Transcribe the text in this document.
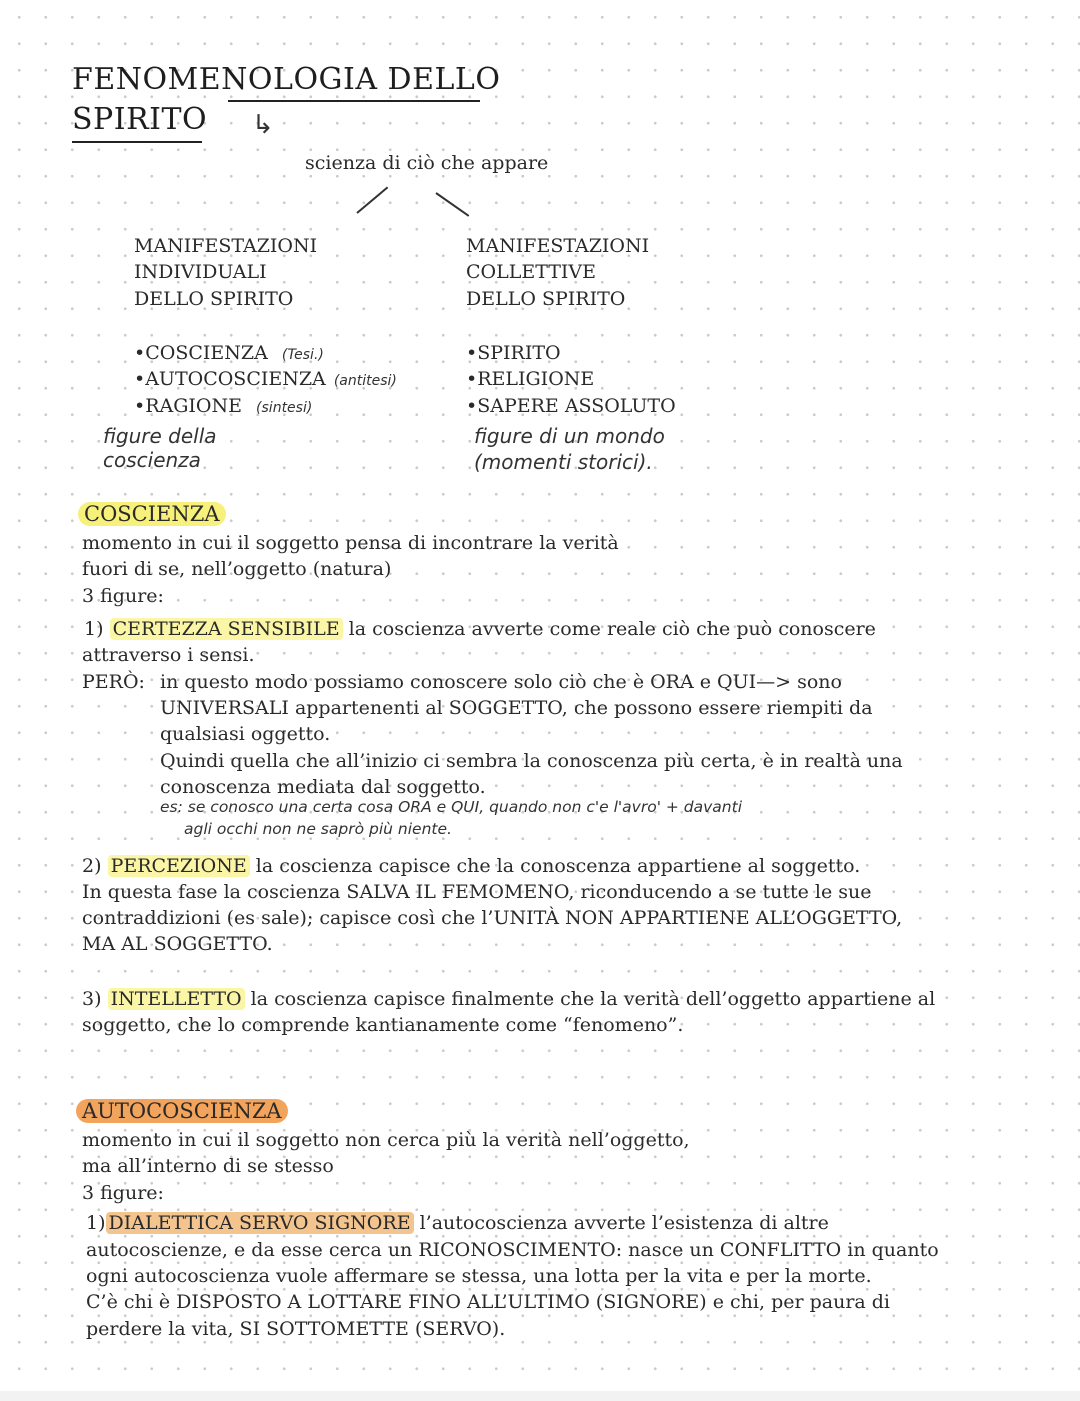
FENOMENOLOGIA DELLO
SPIRITO ↳
scienza di ciò che appare
MANIFESTAZIONI
INDIVIDUALI
DELLO SPIRITO
•COSCIENZA (Tesi.)
•AUTOCOSCIENZA (antitesi)
•RAGIONE (sintesi)
figure della
coscienza
MANIFESTAZIONI
COLLETTIVE
DELLO SPIRITO
•SPIRITO
•RELIGIONE
•SAPERE ASSOLUTO
figure di un mondo
(momenti storici).
COSCIENZA
momento in cui il soggetto pensa di incontrare la verità
fuori di se, nell’oggetto (natura)
3 figure:
1) CERTEZZA SENSIBILE la coscienza avverte come reale ciò che può conoscere
attraverso i sensi.
PERÒ: in questo modo possiamo conoscere solo ciò che è ORA e QUI—> sono
UNIVERSALI appartenenti al SOGGETTO, che possono essere riempiti da
qualsiasi oggetto.
Quindi quella che all’inizio ci sembra la conoscenza più certa, è in realtà una
conoscenza mediata dal soggetto.
es: se conosco una certa cosa ORA e QUI, quando non c'e l'avro' + davanti
agli occhi non ne saprò più niente.
2) PERCEZIONE la coscienza capisce che la conoscenza appartiene al soggetto.
In questa fase la coscienza SALVA IL FEMOMENO, riconducendo a se tutte le sue
contraddizioni (es sale); capisce così che l’UNITÀ NON APPARTIENE ALL’OGGETTO,
MA AL SOGGETTO.
3) INTELLETTO la coscienza capisce finalmente che la verità dell’oggetto appartiene al
soggetto, che lo comprende kantianamente come “fenomeno”.
AUTOCOSCIENZA
momento in cui il soggetto non cerca più la verità nell’oggetto,
ma all’interno di se stesso
3 figure:
1) DIALETTICA SERVO SIGNORE l’autocoscienza avverte l’esistenza di altre
autocoscienze, e da esse cerca un RICONOSCIMENTO: nasce un CONFLITTO in quanto
ogni autocoscienza vuole affermare se stessa, una lotta per la vita e per la morte.
C’è chi è DISPOSTO A LOTTARE FINO ALL’ULTIMO (SIGNORE) e chi, per paura di
perdere la vita, SI SOTTOMETTE (SERVO).
